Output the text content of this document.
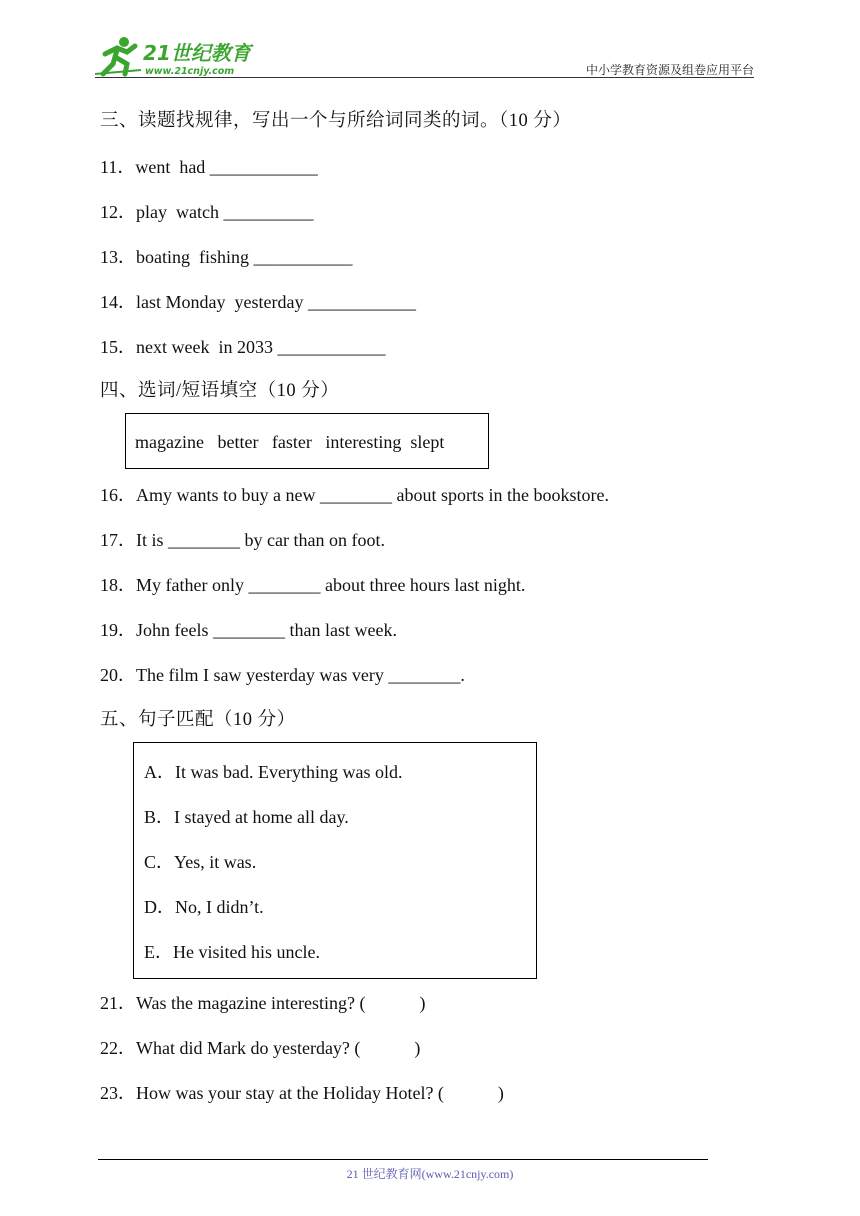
21世纪教育
www.21cnjy.com	中小学教育资源及组卷应用平台
三、读题找规律，写出一个与所给词同类的词。（10 分）
11．went  had ____________
12．play  watch __________
13．boating  fishing ___________
14．last Monday  yesterday ____________
15．next week  in 2033 ____________
四、选词/短语填空（10 分）
magazine   better   faster   interesting  slept
16．Amy wants to buy a new ________ about sports in the bookstore.
17．It is ________ by car than on foot.
18．My father only ________ about three hours last night.
19．John feels ________ than last week.
20．The film I saw yesterday was very ________.
五、句子匹配（10 分）
A．It was bad. Everything was old.
B．I stayed at home all day.
C．Yes, it was.
D．No, I didn’t.
E．He visited his uncle.
21．Was the magazine interesting? (            )
22．What did Mark do yesterday? (            )
23．How was your stay at the Holiday Hotel? (            )
21 世纪教育网(www.21cnjy.com)
